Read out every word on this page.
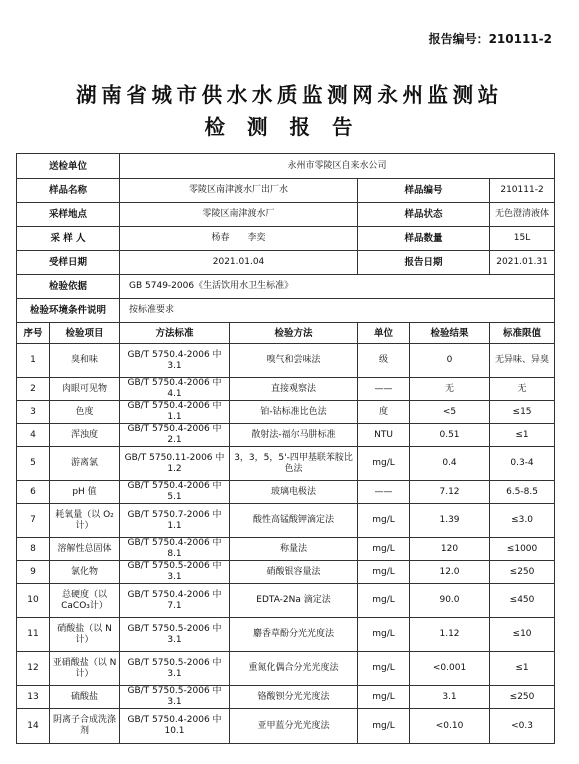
报告编号：210111-2
湖南省城市供水水质监测网永州监测站
检测报告
送检单位		永州市零陵区自来水公司				
样品名称		零陵区南津渡水厂出厂水		样品编号		210111-2
采样地点		零陵区南津渡水厂		样品状态		无色澄清液体
采 样 人		杨春　　李奕		样品数量		15L
受样日期		2021.01.04		报告日期		2021.01.31
检验依据		GB 5749-2006《生活饮用水卫生标准》				
检验环境条件说明		按标准要求				
序号	检验项目	方法标准	检验方法	单位	检验结果	标准限值
1	臭和味	GB/T 5750.4-2006 中 3.1	嗅气和尝味法	级	0	无异味、异臭
2	肉眼可见物	GB/T 5750.4-2006 中 4.1	直接观察法	——	无	无
3	色度	GB/T 5750.4-2006 中 1.1	铂-钴标准比色法	度	<5	≤15
4	浑浊度	GB/T 5750.4-2006 中 2.1	散射法-福尔马肼标准	NTU	0.51	≤1
5	游离氯	GB/T 5750.11-2006 中 1.2	3，3，5，5'-四甲基联苯胺比色法	mg/L	0.4	0.3-4
6	pH 值	GB/T 5750.4-2006 中 5.1	玻璃电极法	——	7.12	6.5-8.5
7	耗氧量（以 O₂计）	GB/T 5750.7-2006 中 1.1	酸性高锰酸钾滴定法	mg/L	1.39	≤3.0
8	溶解性总固体	GB/T 5750.4-2006 中 8.1	称量法	mg/L	120	≤1000
9	氯化物	GB/T 5750.5-2006 中 3.1	硝酸银容量法	mg/L	12.0	≤250
10	总硬度（以 CaCO₃计）	GB/T 5750.4-2006 中 7.1	EDTA-2Na 滴定法	mg/L	90.0	≤450
11	硝酸盐（以 N 计）	GB/T 5750.5-2006 中 3.1	麝香草酚分光光度法	mg/L	1.12	≤10
12	亚硝酸盐（以 N 计）	GB/T 5750.5-2006 中 3.1	重氮化偶合分光光度法	mg/L	<0.001	≤1
13	硫酸盐	GB/T 5750.5-2006 中 3.1	铬酸钡分光光度法	mg/L	3.1	≤250
14	阴离子合成洗涤剂	GB/T 5750.4-2006 中 10.1	亚甲蓝分光光度法	mg/L	<0.10	<0.3
